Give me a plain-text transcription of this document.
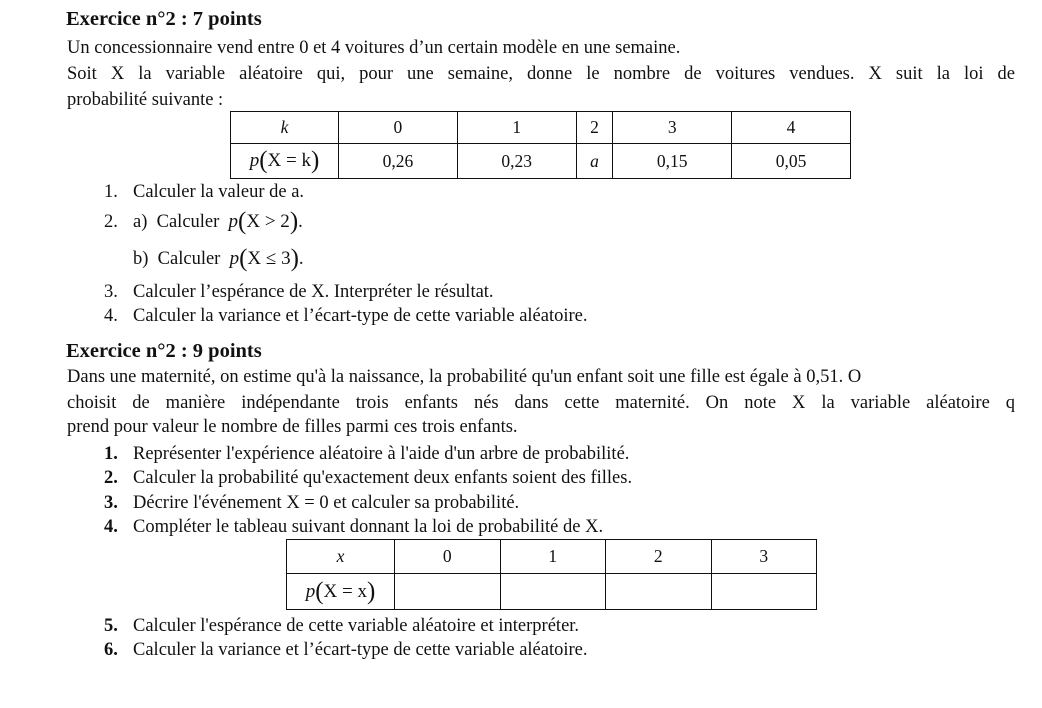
Exercice n°2 : 7 points
Un concessionnaire vend entre 0 et 4 voitures d’un certain modèle en une semaine.
Soit X la variable aléatoire qui, pour une semaine, donne le nombre de voitures vendues. X suit la loi de
probabilité suivante :
k	0	1	2	3	4
p(X = k)	0,26	0,23	a	0,15	0,05
1. Calculer la valeur de a.
2. a) Calculer p(X > 2).
b) Calculer p(X ≤ 3).
3. Calculer l’espérance de X. Interpréter le résultat.
4. Calculer la variance et l’écart-type de cette variable aléatoire.
Exercice n°2 : 9 points
Dans une maternité, on estime qu'à la naissance, la probabilité qu'un enfant soit une fille est égale à 0,51. O
choisit de manière indépendante trois enfants nés dans cette maternité. On note X la variable aléatoire q
prend pour valeur le nombre de filles parmi ces trois enfants.
1. Représenter l'expérience aléatoire à l'aide d'un arbre de probabilité.
2. Calculer la probabilité qu'exactement deux enfants soient des filles.
3. Décrire l'événement X = 0 et calculer sa probabilité.
4. Compléter le tableau suivant donnant la loi de probabilité de X.
x	0	1	2	3
p(X = x)				
5. Calculer l'espérance de cette variable aléatoire et interpréter.
6. Calculer la variance et l’écart-type de cette variable aléatoire.
